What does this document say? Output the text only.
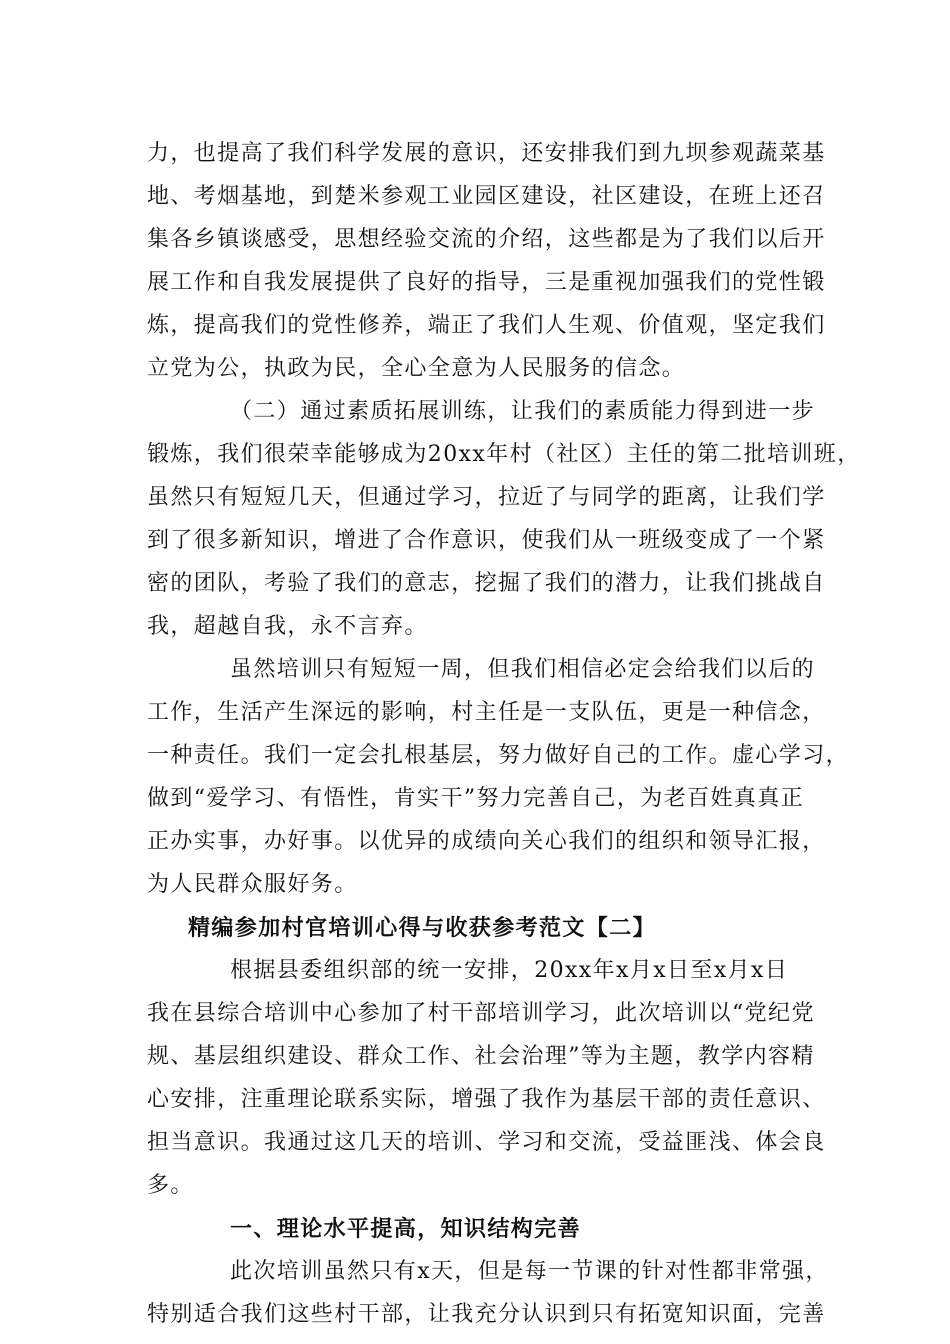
力，也提高了我们科学发展的意识，还安排我们到九坝参观蔬菜基
地、考烟基地，到楚米参观工业园区建设，社区建设，在班上还召
集各乡镇谈感受，思想经验交流的介绍，这些都是为了我们以后开
展工作和自我发展提供了良好的指导，三是重视加强我们的党性锻
炼，提高我们的党性修养，端正了我们人生观、价值观，坚定我们
立党为公，执政为民，全心全意为人民服务的信念。
（二）通过素质拓展训练，让我们的素质能力得到进一步
锻炼，我们很荣幸能够成为20xx年村（社区）主任的第二批培训班，
虽然只有短短几天，但通过学习，拉近了与同学的距离，让我们学
到了很多新知识，增进了合作意识，使我们从一班级变成了一个紧
密的团队，考验了我们的意志，挖掘了我们的潜力，让我们挑战自
我，超越自我，永不言弃。
虽然培训只有短短一周，但我们相信必定会给我们以后的
工作，生活产生深远的影响，村主任是一支队伍，更是一种信念，
一种责任。我们一定会扎根基层，努力做好自己的工作。虚心学习，
做到“爱学习、有悟性，肯实干”努力完善自己，为老百姓真真正
正办实事，办好事。以优异的成绩向关心我们的组织和领导汇报，
为人民群众服好务。
精编参加村官培训心得与收获参考范文【二】
根据县委组织部的统一安排，20xx年x月x日至x月x日
我在县综合培训中心参加了村干部培训学习，此次培训以“党纪党
规、基层组织建设、群众工作、社会治理”等为主题，教学内容精
心安排，注重理论联系实际，增强了我作为基层干部的责任意识、
担当意识。我通过这几天的培训、学习和交流，受益匪浅、体会良
多。
一、理论水平提高，知识结构完善
此次培训虽然只有x天，但是每一节课的针对性都非常强，
特别适合我们这些村干部，让我充分认识到只有拓宽知识面，完善
